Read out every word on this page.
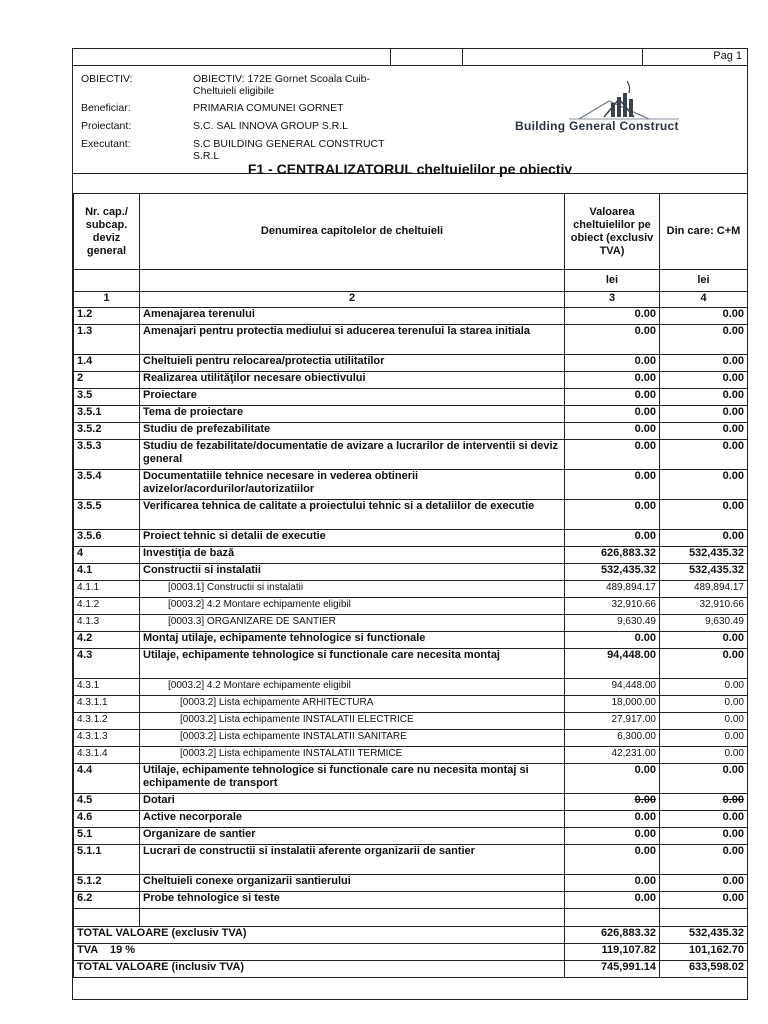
Pag 1
OBIECTIV:	OBIECTIV: 172E Gornet Scoala Cuib-Cheltuieli eligibile
Beneficiar:	PRIMARIA COMUNEI GORNET
Proiectant:	S.C. SAL INNOVA GROUP S.R.L
Executant:	S.C BUILDING GENERAL CONSTRUCT S.R.L
Building General Construct
F1 - CENTRALIZATORUL cheltuielilor pe obiectiv
Nr. cap./ subcap. deviz general	Denumirea capitolelor de cheltuieli	Valoarea cheltuielilor pe obiect (exclusiv TVA)	Din care: C+M
		lei	lei
1	2	3	4
1.2	Amenajarea terenului	0.00	0.00
1.3	Amenajari pentru protectia mediului si aducerea terenului la starea initiala	0.00	0.00
1.4	Cheltuieli pentru relocarea/protectia utilitatilor	0.00	0.00
2	Realizarea utilităţilor necesare obiectivului	0.00	0.00
3.5	Proiectare	0.00	0.00
3.5.1	Tema de proiectare	0.00	0.00
3.5.2	Studiu de prefezabilitate	0.00	0.00
3.5.3	Studiu de fezabilitate/documentatie de avizare a lucrarilor de interventii si deviz general	0.00	0.00
3.5.4	Documentatiile tehnice necesare in vederea obtinerii avizelor/acordurilor/autorizatiilor	0.00	0.00
3.5.5	Verificarea tehnica de calitate a proiectului tehnic si a detaliilor de executie	0.00	0.00
3.5.6	Proiect tehnic si detalii de executie	0.00	0.00
4	Investiţia de bază	626,883.32	532,435.32
4.1	Constructii si instalatii	532,435.32	532,435.32
4.1.1	[0003.1] Constructii si instalatii	489,894.17	489,894.17
4.1.2	[0003.2] 4.2 Montare echipamente eligibil	32,910.66	32,910.66
4.1.3	[0003.3] ORGANIZARE DE SANTIER	9,630.49	9,630.49
4.2	Montaj utilaje, echipamente tehnologice si functionale	0.00	0.00
4.3	Utilaje, echipamente tehnologice si functionale care necesita montaj	94,448.00	0.00
4.3.1	[0003.2] 4.2 Montare echipamente eligibil	94,448.00	0.00
4.3.1.1	[0003.2] Lista echipamente ARHITECTURA	18,000.00	0.00
4.3.1.2	[0003.2] Lista echipamente INSTALATII ELECTRICE	27,917.00	0.00
4.3.1.3	[0003.2] Lista echipamente INSTALATII SANITARE	6,300.00	0.00
4.3.1.4	[0003.2] Lista echipamente INSTALATII TERMICE	42,231.00	0.00
4.4	Utilaje, echipamente tehnologice si functionale care nu necesita montaj si echipamente de transport	0.00	0.00
4.5	Dotari	0.00	0.00
4.6	Active necorporale	0.00	0.00
5.1	Organizare de santier	0.00	0.00
5.1.1	Lucrari de constructii si instalatii aferente organizarii de santier	0.00	0.00
5.1.2	Cheltuieli conexe organizarii santierului	0.00	0.00
6.2	Probe tehnologice si teste	0.00	0.00

TOTAL VALOARE (exclusiv TVA)		626,883.32	532,435.32
TVA    19 %		119,107.82	101,162.70
TOTAL VALOARE (inclusiv TVA)		745,991.14	633,598.02
